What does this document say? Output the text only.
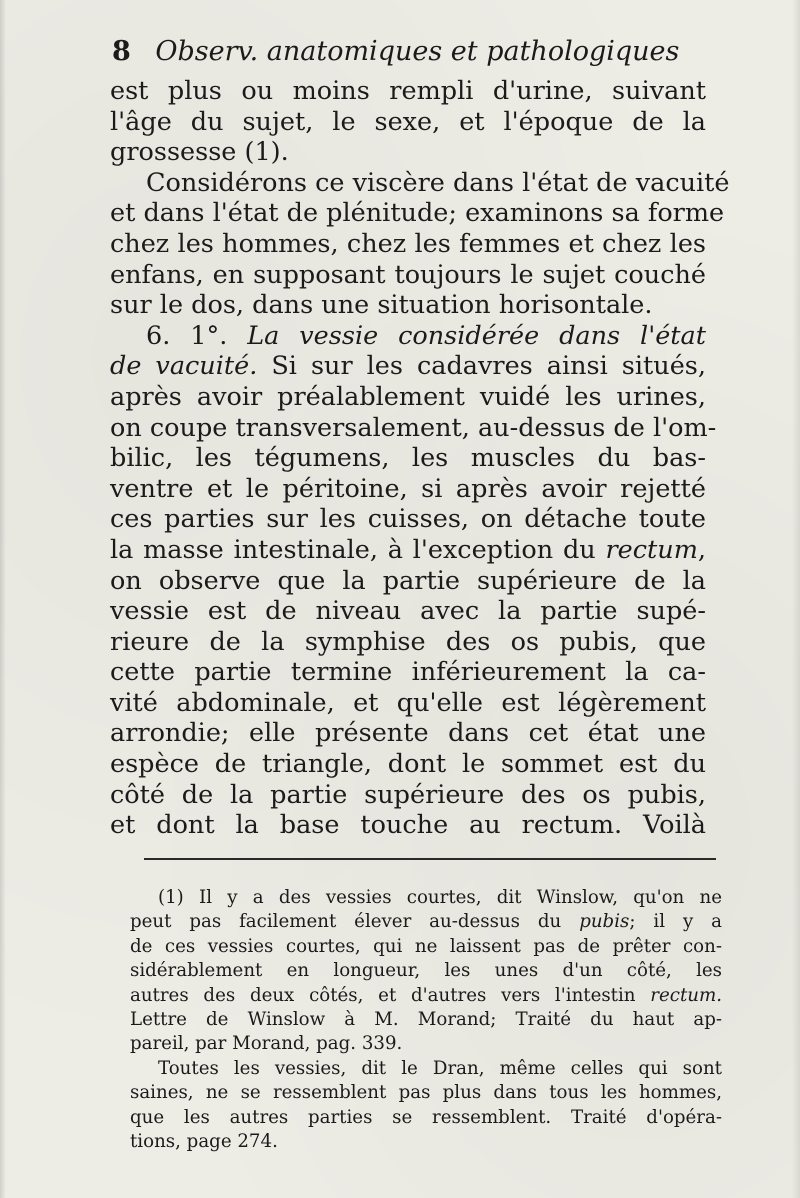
8 Observ. anatomiques et pathologiques
est plus ou moins rempli d'urine, suivant
l'âge du sujet, le sexe, et l'époque de la
grossesse (1).
Considérons ce viscère dans l'état de vacuité
et dans l'état de plénitude; examinons sa forme
chez les hommes, chez les femmes et chez les
enfans, en supposant toujours le sujet couché
sur le dos, dans une situation horisontale.
6. 1°. La vessie considérée dans l'état
de vacuité. Si sur les cadavres ainsi situés,
après avoir préalablement vuidé les urines,
on coupe transversalement, au-dessus de l'om-
bilic, les tégumens, les muscles du bas-
ventre et le péritoine, si après avoir rejetté
ces parties sur les cuisses, on détache toute
la masse intestinale, à l'exception du rectum,
on observe que la partie supérieure de la
vessie est de niveau avec la partie supé-
rieure de la symphise des os pubis, que
cette partie termine inférieurement la ca-
vité abdominale, et qu'elle est légèrement
arrondie; elle présente dans cet état une
espèce de triangle, dont le sommet est du
côté de la partie supérieure des os pubis,
et dont la base touche au rectum. Voilà
(1) Il y a des vessies courtes, dit Winslow, qu'on ne
peut pas facilement élever au-dessus du pubis; il y a
de ces vessies courtes, qui ne laissent pas de prêter con-
sidérablement en longueur, les unes d'un côté, les
autres des deux côtés, et d'autres vers l'intestin rectum.
Lettre de Winslow à M. Morand; Traité du haut ap-
pareil, par Morand, pag. 339.
Toutes les vessies, dit le Dran, même celles qui sont
saines, ne se ressemblent pas plus dans tous les hommes,
que les autres parties se ressemblent. Traité d'opéra-
tions, page 274.
